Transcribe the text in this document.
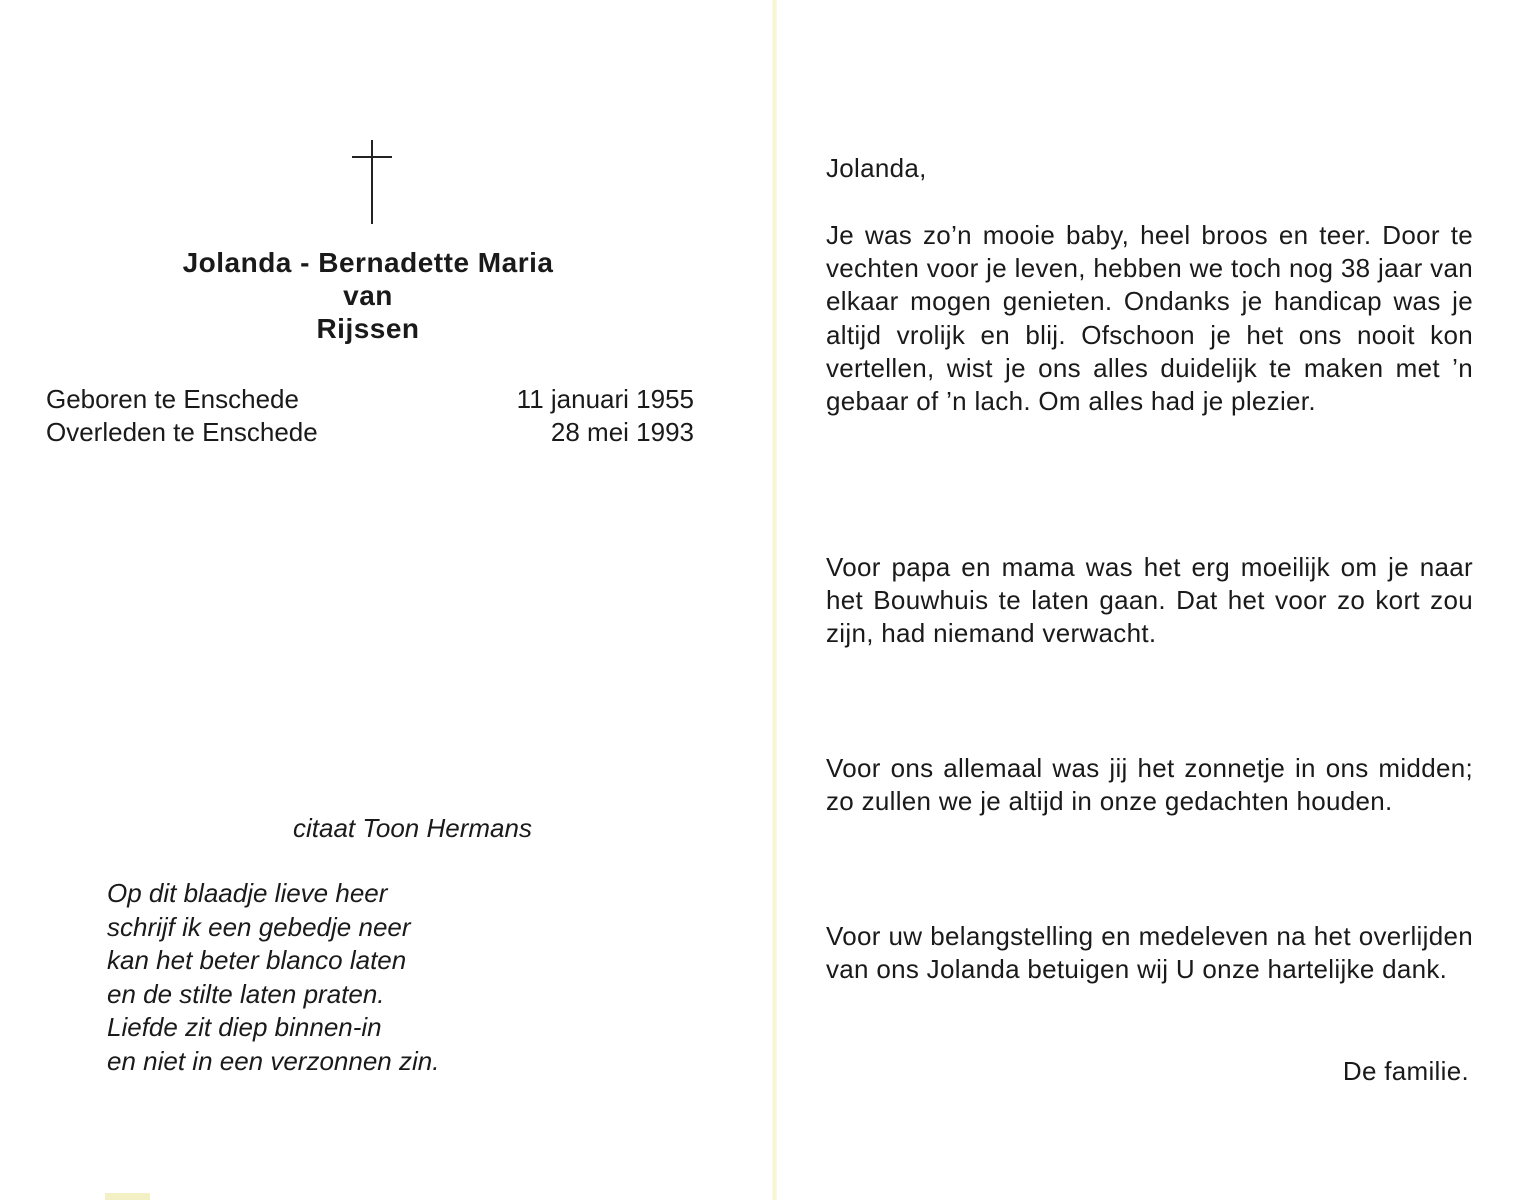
Jolanda - Bernadette Maria
van
Rijssen
Geboren te Enschede	11 januari 1955
Overleden te Enschede	28 mei 1993
citaat Toon Hermans
Op dit blaadje lieve heer
schrijf ik een gebedje neer
kan het beter blanco laten
en de stilte laten praten.
Liefde zit diep binnen-in
en niet in een verzonnen zin.
Jolanda,

Je was zo’n mooie baby, heel broos en teer. Door te vechten voor je leven, hebben we toch nog 38 jaar van elkaar mogen genieten. Ondanks je handicap was je altijd vrolijk en blij. Ofschoon je het ons nooit kon vertellen, wist je ons alles duidelijk te maken met ’n gebaar of ’n lach. Om alles had je plezier.

Voor papa en mama was het erg moeilijk om je naar het Bouwhuis te laten gaan. Dat het voor zo kort zou zijn, had niemand verwacht.

Voor ons allemaal was jij het zonnetje in ons midden; zo zullen we je altijd in onze gedachten houden.

Voor uw belangstelling en medeleven na het overlijden van ons Jolanda betuigen wij U onze hartelijke dank.

De familie.
